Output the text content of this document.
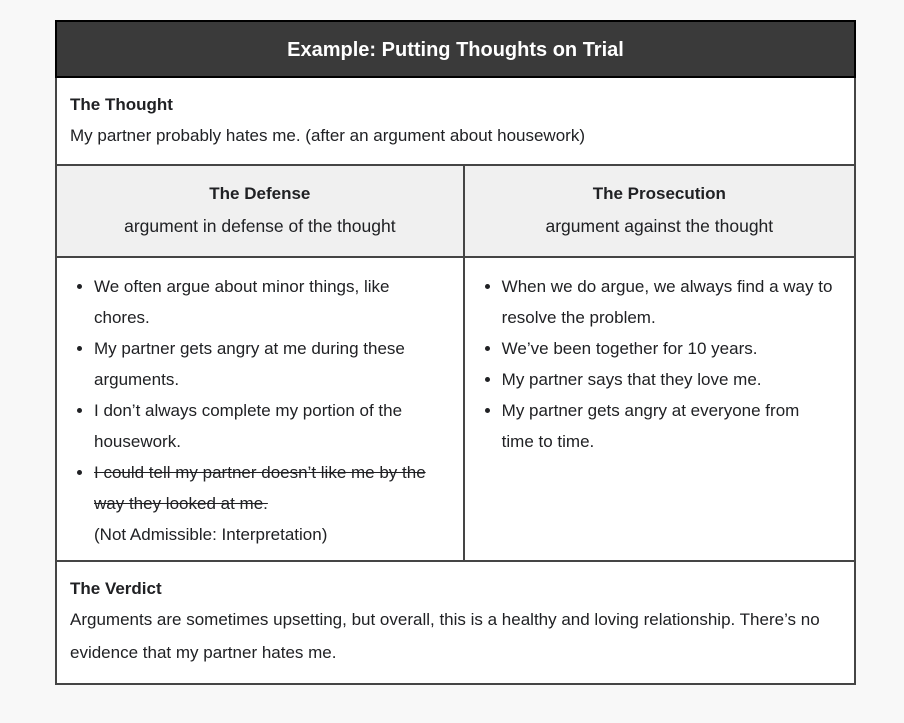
Example: Putting Thoughts on Trial
The Thought
My partner probably hates me. (after an argument about housework)
The Defense
argument in defense of the thought
The Prosecution
argument against the thought
• We often argue about minor things, like chores.
• My partner gets angry at me during these arguments.
• I don’t always complete my portion of the housework.
• I could tell my partner doesn’t like me by the way they looked at me.
(Not Admissible: Interpretation)
• When we do argue, we always find a way to resolve the problem.
• We’ve been together for 10 years.
• My partner says that they love me.
• My partner gets angry at everyone from time to time.
The Verdict
Arguments are sometimes upsetting, but overall, this is a healthy and loving relationship. There’s no evidence that my partner hates me.
